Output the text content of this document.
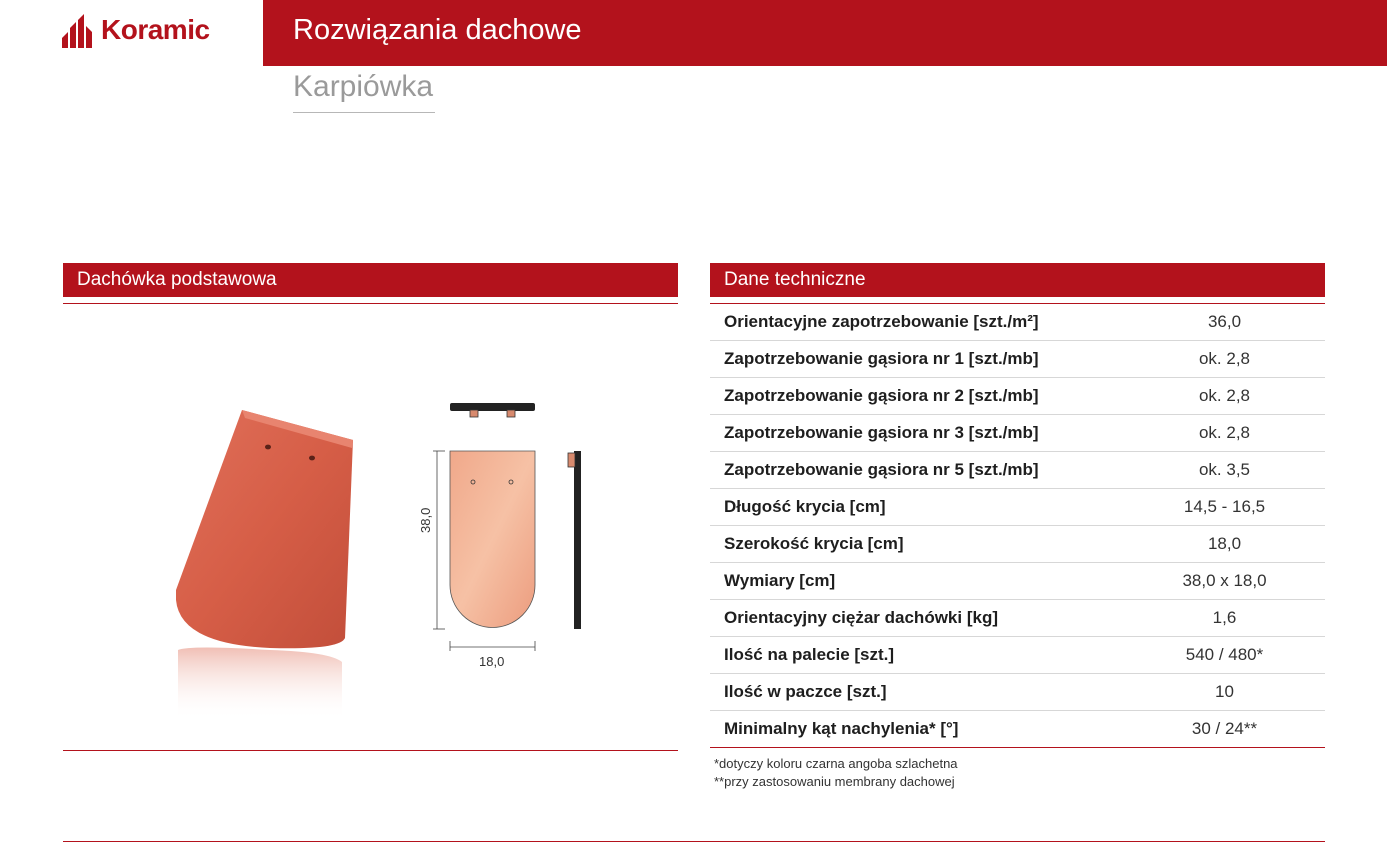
Koramic	Rozwiązania dachowe
Karpiówka
Dachówka podstawowa
38,0
18,0
Dane techniczne
Orientacyjne zapotrzebowanie [szt./m²]	36,0
Zapotrzebowanie gąsiora nr 1 [szt./mb]	ok. 2,8
Zapotrzebowanie gąsiora nr 2 [szt./mb]	ok. 2,8
Zapotrzebowanie gąsiora nr 3 [szt./mb]	ok. 2,8
Zapotrzebowanie gąsiora nr 5 [szt./mb]	ok. 3,5
Długość krycia [cm]	14,5 - 16,5
Szerokość krycia [cm]	18,0
Wymiary [cm]	38,0 x 18,0
Orientacyjny ciężar dachówki [kg]	1,6
Ilość na palecie [szt.]	540 / 480*
Ilość w paczce [szt.]	10
Minimalny kąt nachylenia* [°]	30 / 24**
*dotyczy koloru czarna angoba szlachetna
**przy zastosowaniu membrany dachowej
